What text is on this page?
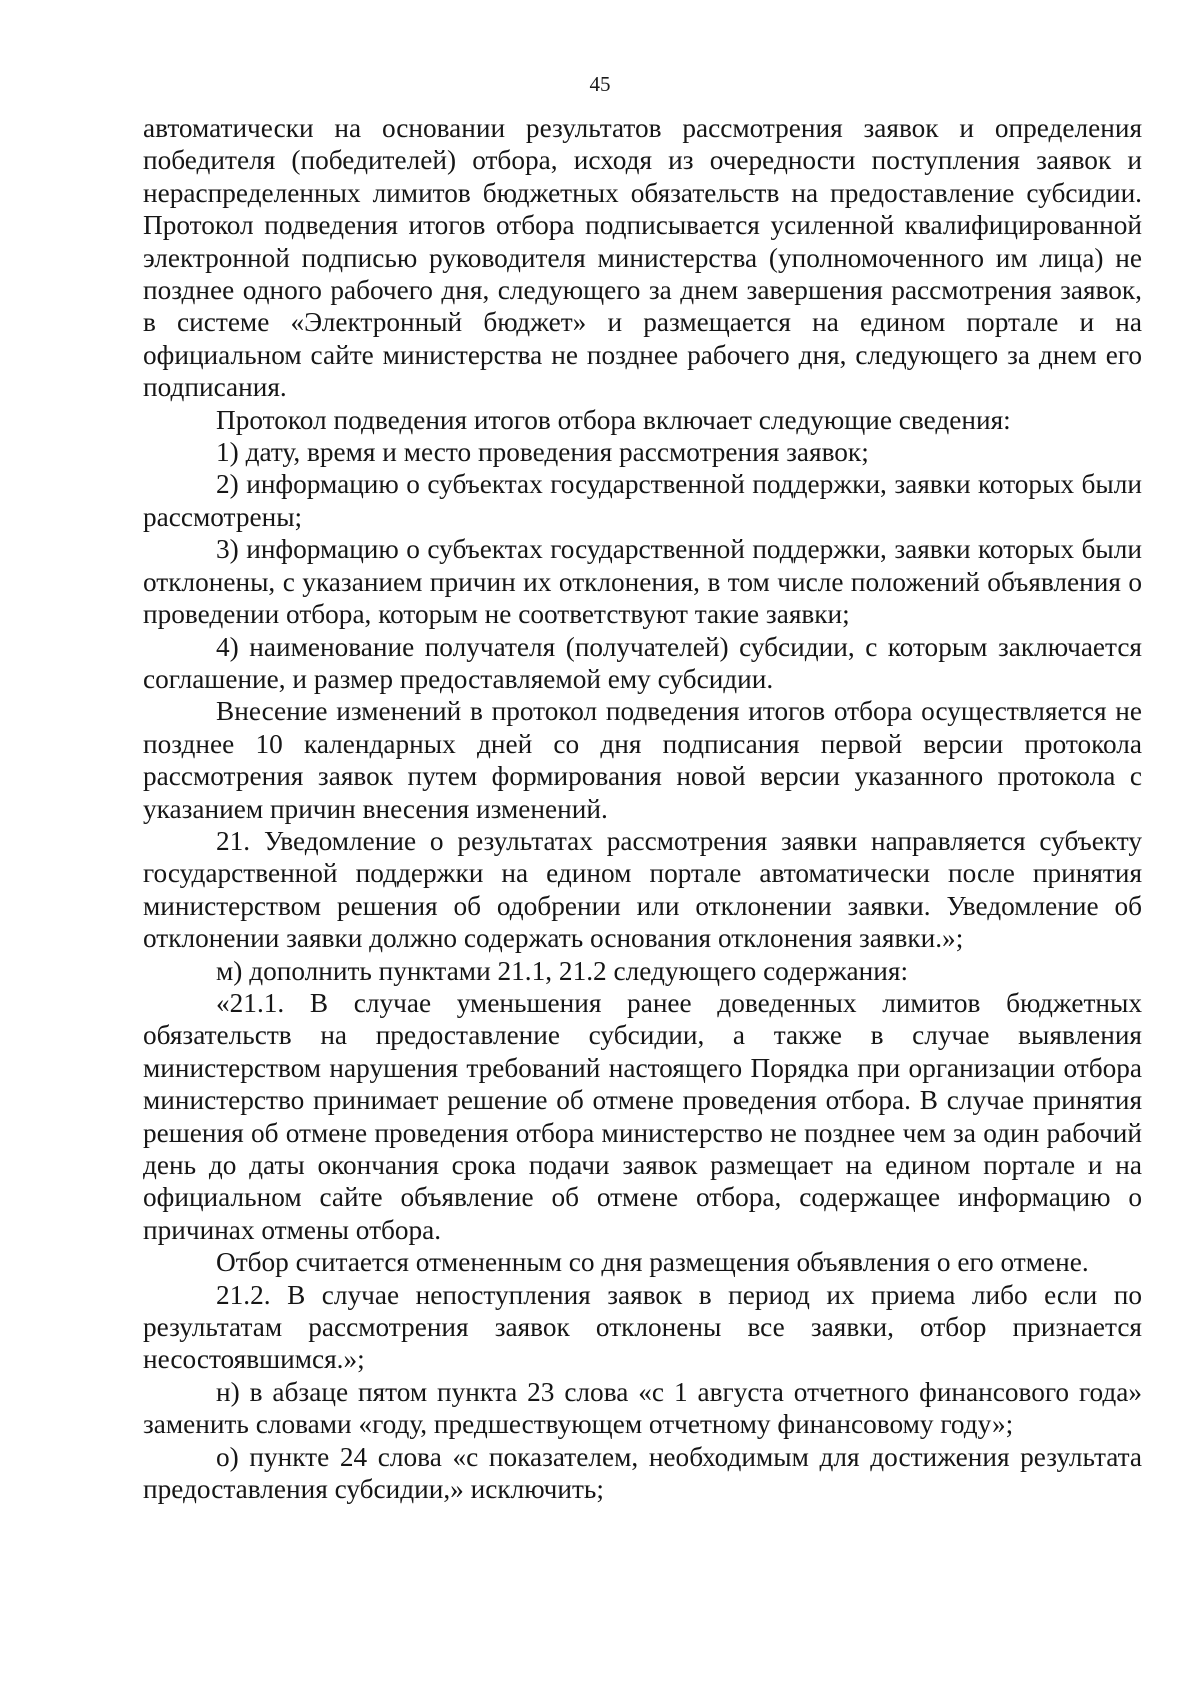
45

автоматически на основании результатов рассмотрения заявок и определения победителя (победителей) отбора, исходя из очередности поступления заявок и нераспределенных лимитов бюджетных обязательств на предоставление субсидии. Протокол подведения итогов отбора подписывается усиленной квалифицированной электронной подписью руководителя министерства (уполномоченного им лица) не позднее одного рабочего дня, следующего за днем завершения рассмотрения заявок, в системе «Электронный бюджет» и размещается на едином портале и на официальном сайте министерства не позднее рабочего дня, следующего за днем его подписания.

Протокол подведения итогов отбора включает следующие сведения:

1) дату, время и место проведения рассмотрения заявок;

2) информацию о субъектах государственной поддержки, заявки которых были рассмотрены;

3) информацию о субъектах государственной поддержки, заявки которых были отклонены, с указанием причин их отклонения, в том числе положений объявления о проведении отбора, которым не соответствуют такие заявки;

4) наименование получателя (получателей) субсидии, с которым заключается соглашение, и размер предоставляемой ему субсидии.

Внесение изменений в протокол подведения итогов отбора осуществляется не позднее 10 календарных дней со дня подписания первой версии протокола рассмотрения заявок путем формирования новой версии указанного протокола с указанием причин внесения изменений.

21. Уведомление о результатах рассмотрения заявки направляется субъекту государственной поддержки на едином портале автоматически после принятия министерством решения об одобрении или отклонении заявки. Уведомление об отклонении заявки должно содержать основания отклонения заявки.»;

м) дополнить пунктами 21.1, 21.2 следующего содержания:

«21.1. В случае уменьшения ранее доведенных лимитов бюджетных обязательств на предоставление субсидии, а также в случае выявления министерством нарушения требований настоящего Порядка при организации отбора министерство принимает решение об отмене проведения отбора. В случае принятия решения об отмене проведения отбора министерство не позднее чем за один рабочий день до даты окончания срока подачи заявок размещает на едином портале и на официальном сайте объявление об отмене отбора, содержащее информацию о причинах отмены отбора.

Отбор считается отмененным со дня размещения объявления о его отмене.

21.2. В случае непоступления заявок в период их приема либо если по результатам рассмотрения заявок отклонены все заявки, отбор признается несостоявшимся.»;

н) в абзаце пятом пункта 23 слова «с 1 августа отчетного финансового года» заменить словами «году, предшествующем отчетному финансовому году»;

о) пункте 24 слова «с показателем, необходимым для достижения результата предоставления субсидии,» исключить;
